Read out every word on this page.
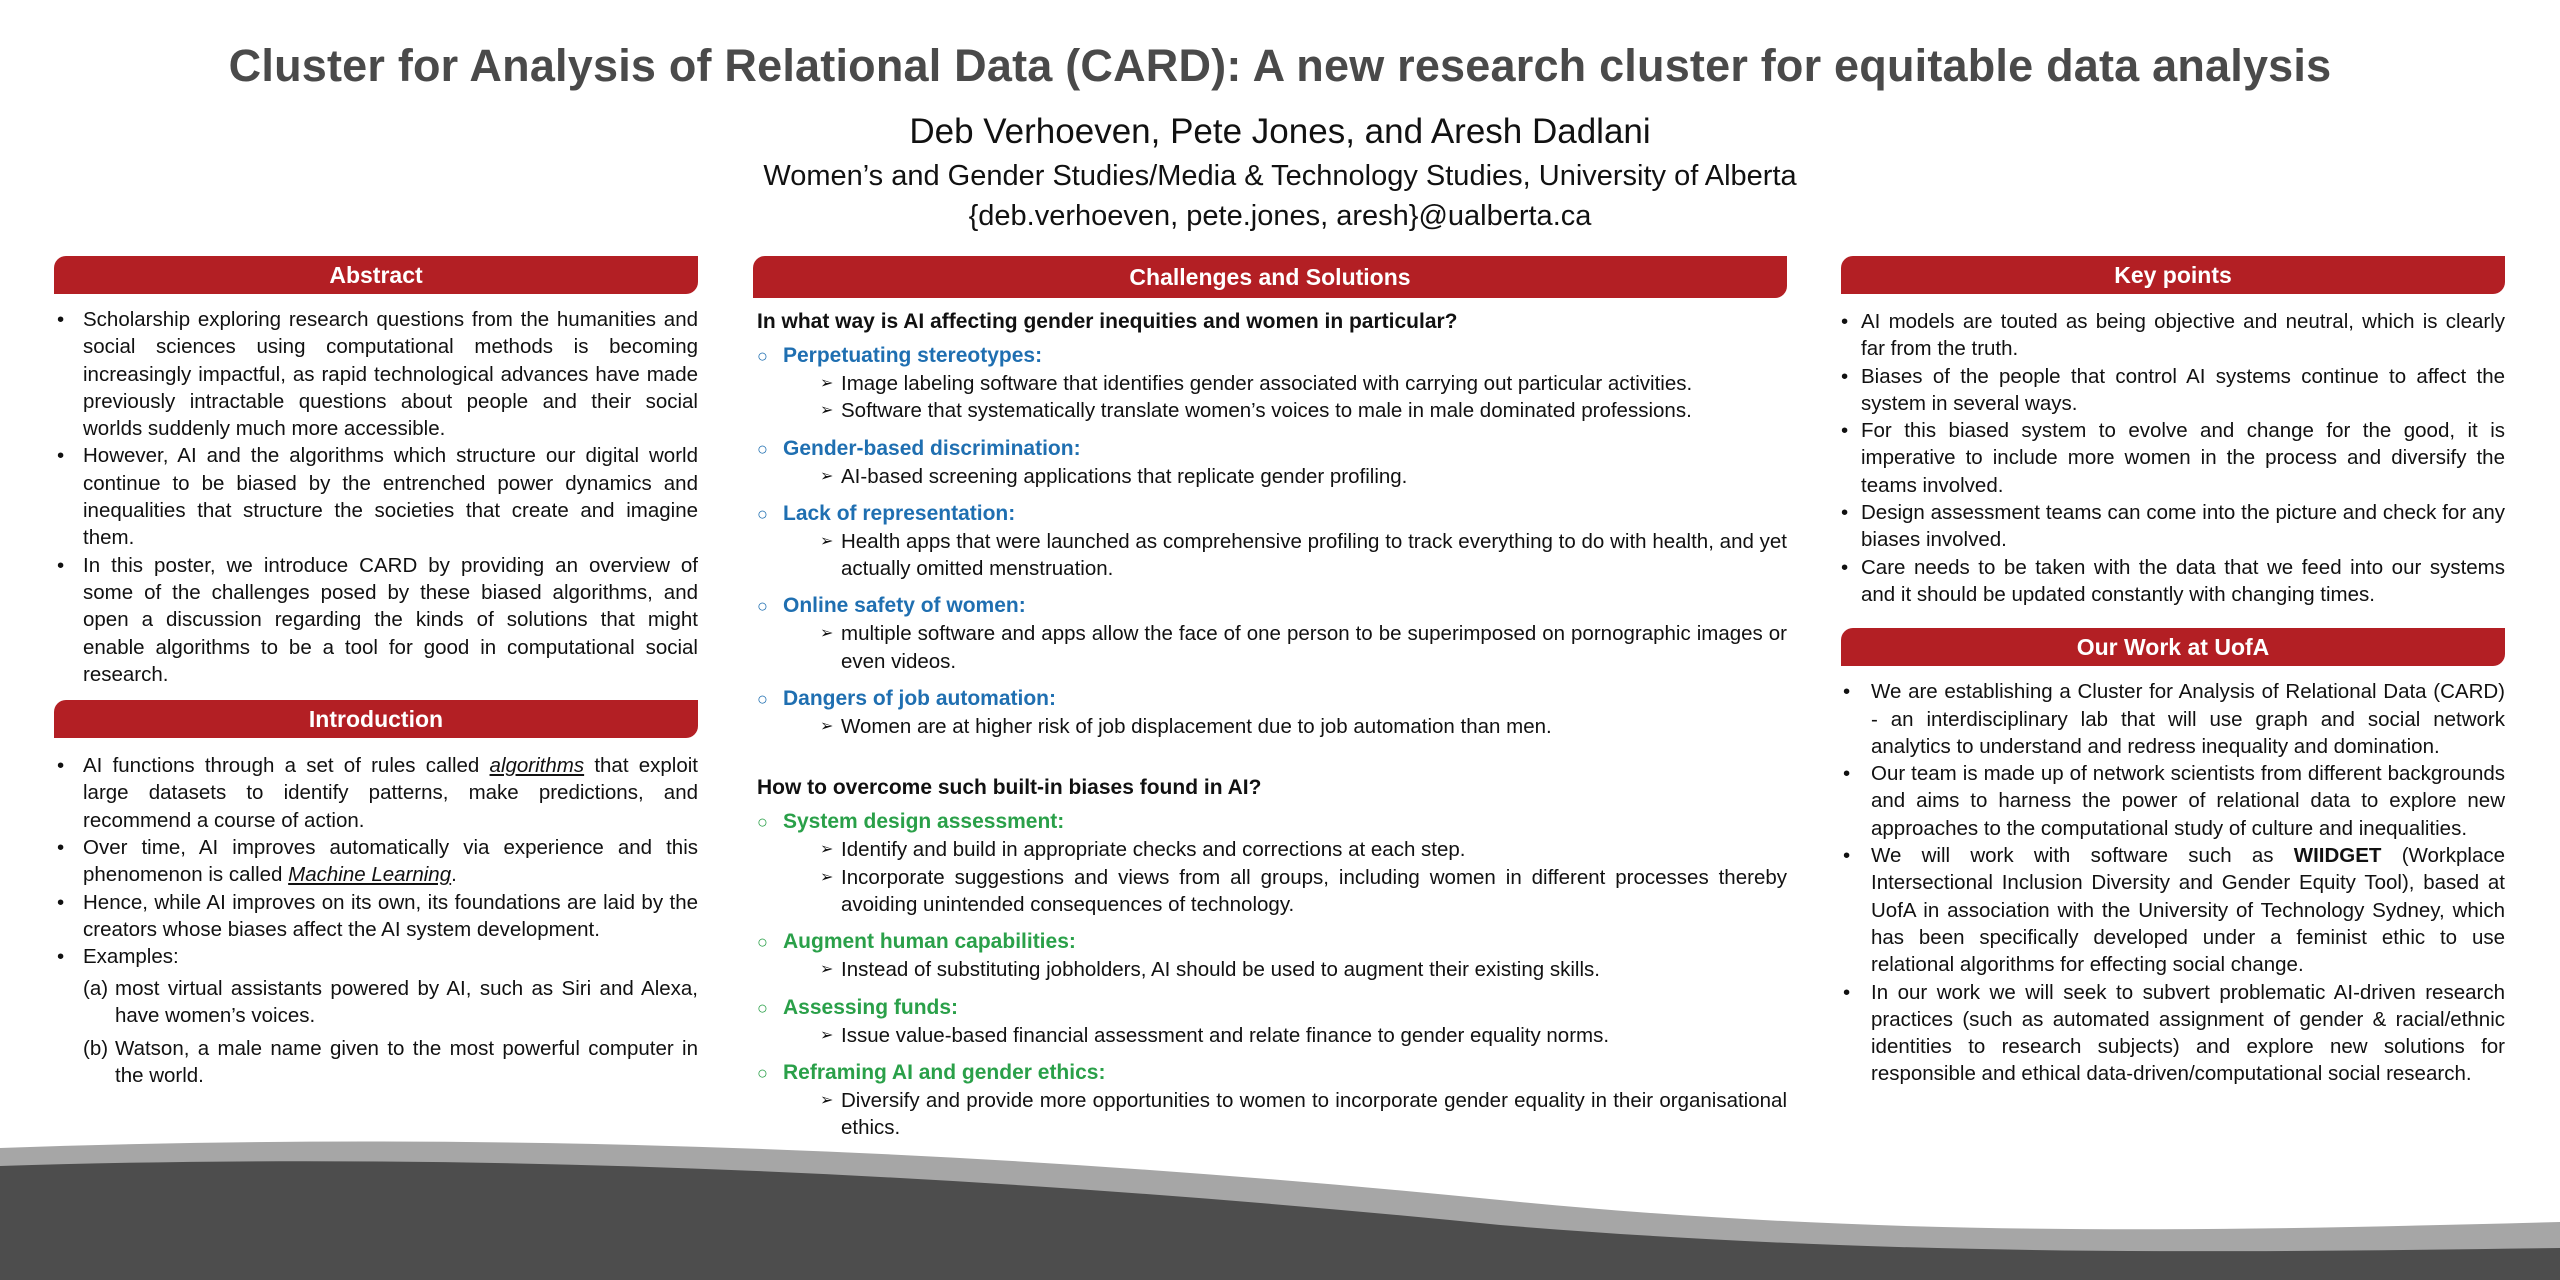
Cluster for Analysis of Relational Data (CARD): A new research cluster for equitable data analysis
Deb Verhoeven, Pete Jones, and Aresh Dadlani
Women’s and Gender Studies/Media & Technology Studies, University of Alberta
{deb.verhoeven, pete.jones, aresh}@ualberta.ca
Abstract
• Scholarship exploring research questions from the humanities and social sciences using computational methods is becoming increasingly impactful, as rapid technological advances have made previously intractable questions about people and their social worlds suddenly much more accessible.
• However, AI and the algorithms which structure our digital world continue to be biased by the entrenched power dynamics and inequalities that structure the societies that create and imagine them.
• In this poster, we introduce CARD by providing an overview of some of the challenges posed by these biased algorithms, and open a discussion regarding the kinds of solutions that might enable algorithms to be a tool for good in computational social research.
Introduction
• AI functions through a set of rules called algorithms that exploit large datasets to identify patterns, make predictions, and recommend a course of action.
• Over time, AI improves automatically via experience and this phenomenon is called Machine Learning.
• Hence, while AI improves on its own, its foundations are laid by the creators whose biases affect the AI system development.
• Examples:
(a) most virtual assistants powered by AI, such as Siri and Alexa, have women’s voices.
(b) Watson, a male name given to the most powerful computer in the world.
Challenges and Solutions
In what way is AI affecting gender inequities and women in particular?
○ Perpetuating stereotypes:
➢ Image labeling software that identifies gender associated with carrying out particular activities.
➢ Software that systematically translate women’s voices to male in male dominated professions.
○ Gender-based discrimination:
➢ AI-based screening applications that replicate gender profiling.
○ Lack of representation:
➢ Health apps that were launched as comprehensive profiling to track everything to do with health, and yet actually omitted menstruation.
○ Online safety of women:
➢ multiple software and apps allow the face of one person to be superimposed on pornographic images or even videos.
○ Dangers of job automation:
➢ Women are at higher risk of job displacement due to job automation than men.
How to overcome such built-in biases found in AI?
○ System design assessment:
➢ Identify and build in appropriate checks and corrections at each step.
➢ Incorporate suggestions and views from all groups, including women in different processes thereby avoiding unintended consequences of technology.
○ Augment human capabilities:
➢ Instead of substituting jobholders, AI should be used to augment their existing skills.
○ Assessing funds:
➢ Issue value-based financial assessment and relate finance to gender equality norms.
○ Reframing AI and gender ethics:
➢ Diversify and provide more opportunities to women to incorporate gender equality in their organisational ethics.
Key points
• AI models are touted as being objective and neutral, which is clearly far from the truth.
• Biases of the people that control AI systems continue to affect the system in several ways.
• For this biased system to evolve and change for the good, it is imperative to include more women in the process and diversify the teams involved.
• Design assessment teams can come into the picture and check for any biases involved.
• Care needs to be taken with the data that we feed into our systems and it should be updated constantly with changing times.
Our Work at UofA
• We are establishing a Cluster for Analysis of Relational Data (CARD) - an interdisciplinary lab that will use graph and social network analytics to understand and redress inequality and domination.
• Our team is made up of network scientists from different backgrounds and aims to harness the power of relational data to explore new approaches to the computational study of culture and inequalities.
• We will work with software such as WIIDGET (Workplace Intersectional Inclusion Diversity and Gender Equity Tool), based at UofA in association with the University of Technology Sydney, which has been specifically developed under a feminist ethic to use relational algorithms for effecting social change.
• In our work we will seek to subvert problematic AI-driven research practices (such as automated assignment of gender & racial/ethnic identities to research subjects) and explore new solutions for responsible and ethical data-driven/computational social research.
